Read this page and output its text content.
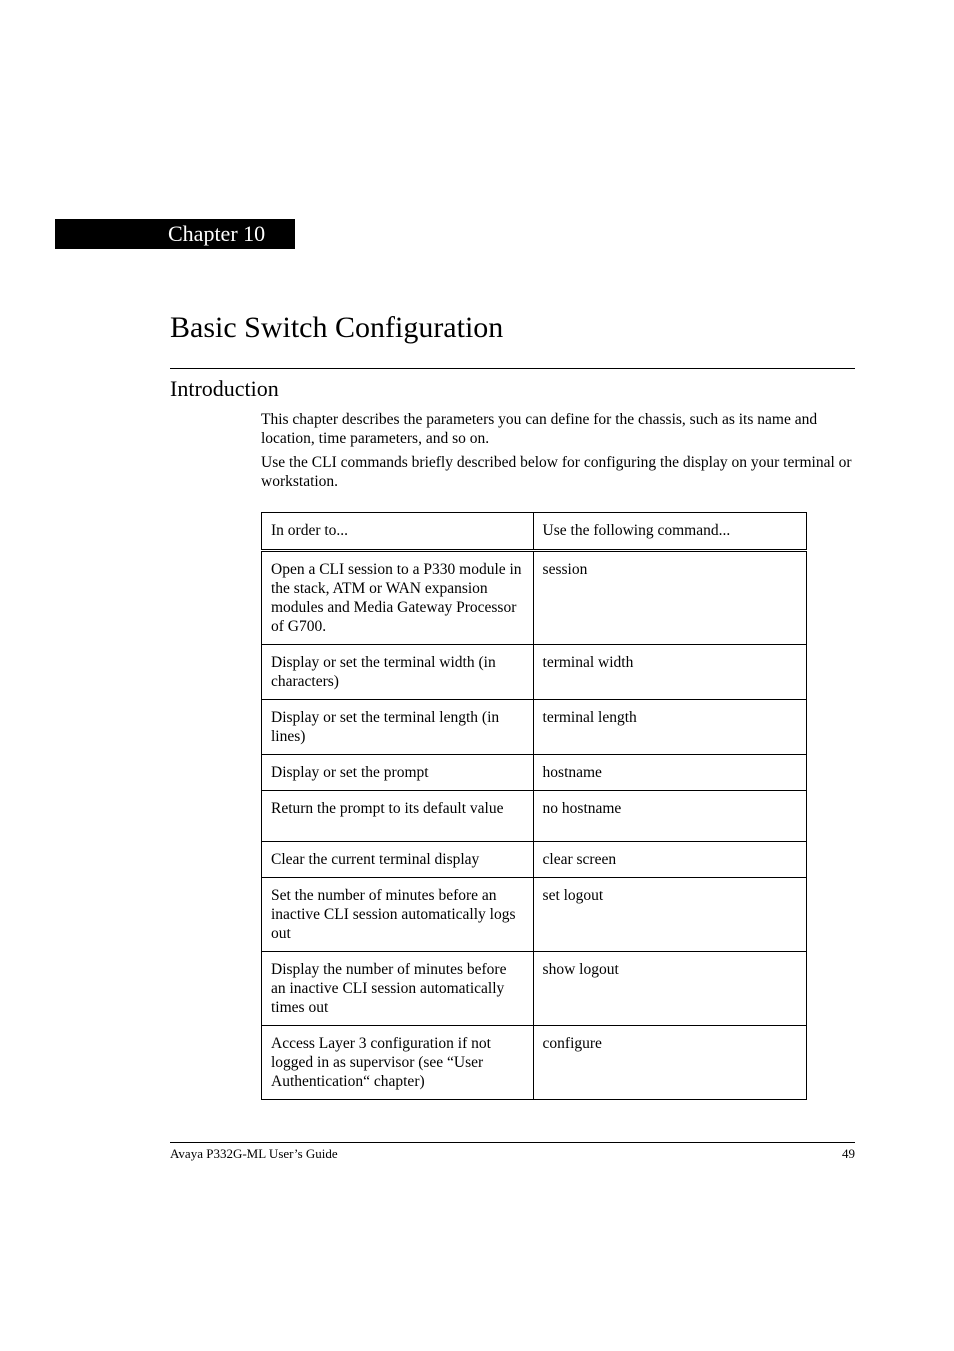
Chapter 10
Basic Switch Configuration
Introduction

This chapter describes the parameters you can define for the chassis, such as its name and location, time parameters, and so on.

Use the CLI commands briefly described below for configuring the display on your terminal or workstation.

In order to...	Use the following command...
Open a CLI session to a P330 module in the stack, ATM or WAN expansion modules and Media Gateway Processor of G700.	session
Display or set the terminal width (in characters)	terminal width
Display or set the terminal length (in lines)	terminal length
Display or set the prompt	hostname
Return the prompt to its default value	no hostname
Clear the current terminal display	clear screen
Set the number of minutes before an inactive CLI session automatically logs out	set logout
Display the number of minutes before an inactive CLI session automatically times out	show logout
Access Layer 3 configuration if not logged in as supervisor (see “User Authentication“ chapter)	configure
Avaya P332G-ML User’s Guide	49
